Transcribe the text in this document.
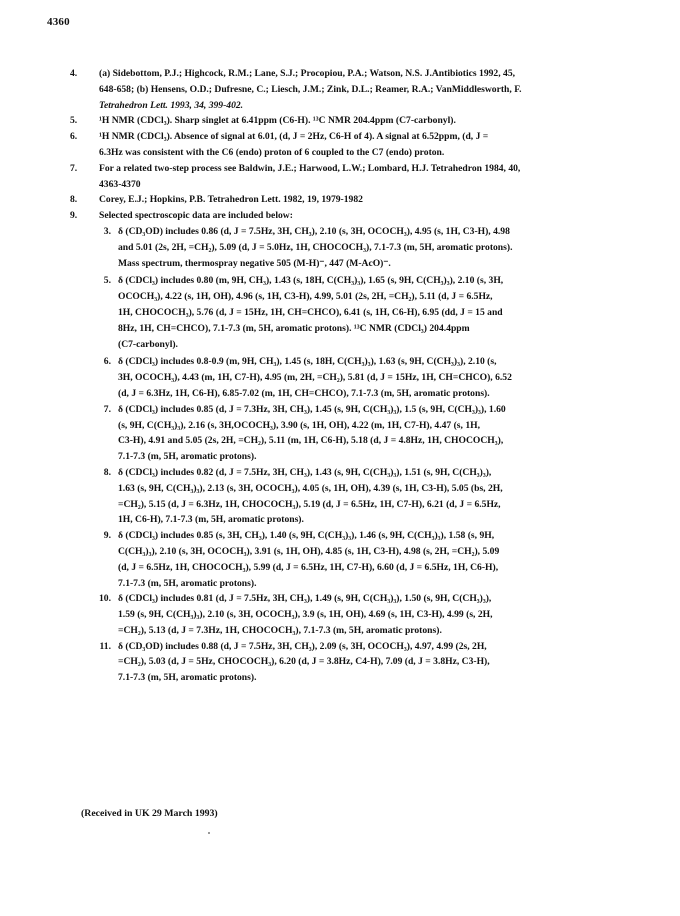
4360
4. (a) Sidebottom, P.J.; Highcock, R.M.; Lane, S.J.; Procopiou, P.A.; Watson, N.S. J.Antibiotics 1992, 45,
648-658; (b) Hensens, O.D.; Dufresne, C.; Liesch, J.M.; Zink, D.L.; Reamer, R.A.; VanMiddlesworth, F.
Tetrahedron Lett. 1993, 34, 399-402.
5. ¹H NMR (CDCl₃). Sharp singlet at 6.41ppm (C6-H). ¹³C NMR 204.4ppm (C7-carbonyl).
6. ¹H NMR (CDCl₃). Absence of signal at 6.01, (d, J = 2Hz, C6-H of 4). A signal at 6.52ppm, (d, J =
6.3Hz was consistent with the C6 (endo) proton of 6 coupled to the C7 (endo) proton.
7. For a related two-step process see Baldwin, J.E.; Harwood, L.W.; Lombard, H.J. Tetrahedron 1984, 40,
4363-4370
8. Corey, E.J.; Hopkins, P.B. Tetrahedron Lett. 1982, 19, 1979-1982
9. Selected spectroscopic data are included below:
3. δ (CD₃OD) includes 0.86 (d, J = 7.5Hz, 3H, CH₃), 2.10 (s, 3H, OCOCH₃), 4.95 (s, 1H, C3-H), 4.98
and 5.01 (2s, 2H, =CH₂), 5.09 (d, J = 5.0Hz, 1H, CHOCOCH₃), 7.1-7.3 (m, 5H, aromatic protons).
Mass spectrum, thermospray negative 505 (M-H)⁻, 447 (M-AcO)⁻.
5. δ (CDCl₃) includes 0.80 (m, 9H, CH₃), 1.43 (s, 18H, C(CH₃)₃), 1.65 (s, 9H, C(CH₃)₃), 2.10 (s, 3H,
OCOCH₃), 4.22 (s, 1H, OH), 4.96 (s, 1H, C3-H), 4.99, 5.01 (2s, 2H, =CH₂), 5.11 (d, J = 6.5Hz,
1H, CHOCOCH₃), 5.76 (d, J = 15Hz, 1H, CH=CHCO), 6.41 (s, 1H, C6-H), 6.95 (dd, J = 15 and
8Hz, 1H, CH=CHCO), 7.1-7.3 (m, 5H, aromatic protons). ¹³C NMR (CDCl₃) 204.4ppm
(C7-carbonyl).
6. δ (CDCl₃) includes 0.8-0.9 (m, 9H, CH₃), 1.45 (s, 18H, C(CH₃)₃), 1.63 (s, 9H, C(CH₃)₃), 2.10 (s,
3H, OCOCH₃), 4.43 (m, 1H, C7-H), 4.95 (m, 2H, =CH₂), 5.81 (d, J = 15Hz, 1H, CH=CHCO), 6.52
(d, J = 6.3Hz, 1H, C6-H), 6.85-7.02 (m, 1H, CH=CHCO), 7.1-7.3 (m, 5H, aromatic protons).
7. δ (CDCl₃) includes 0.85 (d, J = 7.3Hz, 3H, CH₃), 1.45 (s, 9H, C(CH₃)₃), 1.5 (s, 9H, C(CH₃)₃), 1.60
(s, 9H, C(CH₃)₃), 2.16 (s, 3H,OCOCH₃), 3.90 (s, 1H, OH), 4.22 (m, 1H, C7-H), 4.47 (s, 1H,
C3-H), 4.91 and 5.05 (2s, 2H, =CH₂), 5.11 (m, 1H, C6-H), 5.18 (d, J = 4.8Hz, 1H, CHOCOCH₃),
7.1-7.3 (m, 5H, aromatic protons).
8. δ (CDCl₃) includes 0.82 (d, J = 7.5Hz, 3H, CH₃), 1.43 (s, 9H, C(CH₃)₃), 1.51 (s, 9H, C(CH₃)₃),
1.63 (s, 9H, C(CH₃)₃), 2.13 (s, 3H, OCOCH₃), 4.05 (s, 1H, OH), 4.39 (s, 1H, C3-H), 5.05 (bs, 2H,
=CH₂), 5.15 (d, J = 6.3Hz, 1H, CHOCOCH₃), 5.19 (d, J = 6.5Hz, 1H, C7-H), 6.21 (d, J = 6.5Hz,
1H, C6-H), 7.1-7.3 (m, 5H, aromatic protons).
9. δ (CDCl₃) includes 0.85 (s, 3H, CH₃), 1.40 (s, 9H, C(CH₃)₃), 1.46 (s, 9H, C(CH₃)₃), 1.58 (s, 9H,
C(CH₃)₃), 2.10 (s, 3H, OCOCH₃), 3.91 (s, 1H, OH), 4.85 (s, 1H, C3-H), 4.98 (s, 2H, =CH₂), 5.09
(d, J = 6.5Hz, 1H, CHOCOCH₃), 5.99 (d, J = 6.5Hz, 1H, C7-H), 6.60 (d, J = 6.5Hz, 1H, C6-H),
7.1-7.3 (m, 5H, aromatic protons).
10. δ (CDCl₃) includes 0.81 (d, J = 7.5Hz, 3H, CH₃), 1.49 (s, 9H, C(CH₃)₃), 1.50 (s, 9H, C(CH₃)₃),
1.59 (s, 9H, C(CH₃)₃), 2.10 (s, 3H, OCOCH₃), 3.9 (s, 1H, OH), 4.69 (s, 1H, C3-H), 4.99 (s, 2H,
=CH₂), 5.13 (d, J = 7.3Hz, 1H, CHOCOCH₃), 7.1-7.3 (m, 5H, aromatic protons).
11. δ (CD₃OD) includes 0.88 (d, J = 7.5Hz, 3H, CH₃), 2.09 (s, 3H, OCOCH₃), 4.97, 4.99 (2s, 2H,
=CH₂), 5.03 (d, J = 5Hz, CHOCOCH₃), 6.20 (d, J = 3.8Hz, C4-H), 7.09 (d, J = 3.8Hz, C3-H),
7.1-7.3 (m, 5H, aromatic protons).
(Received in UK 29 March 1993)
